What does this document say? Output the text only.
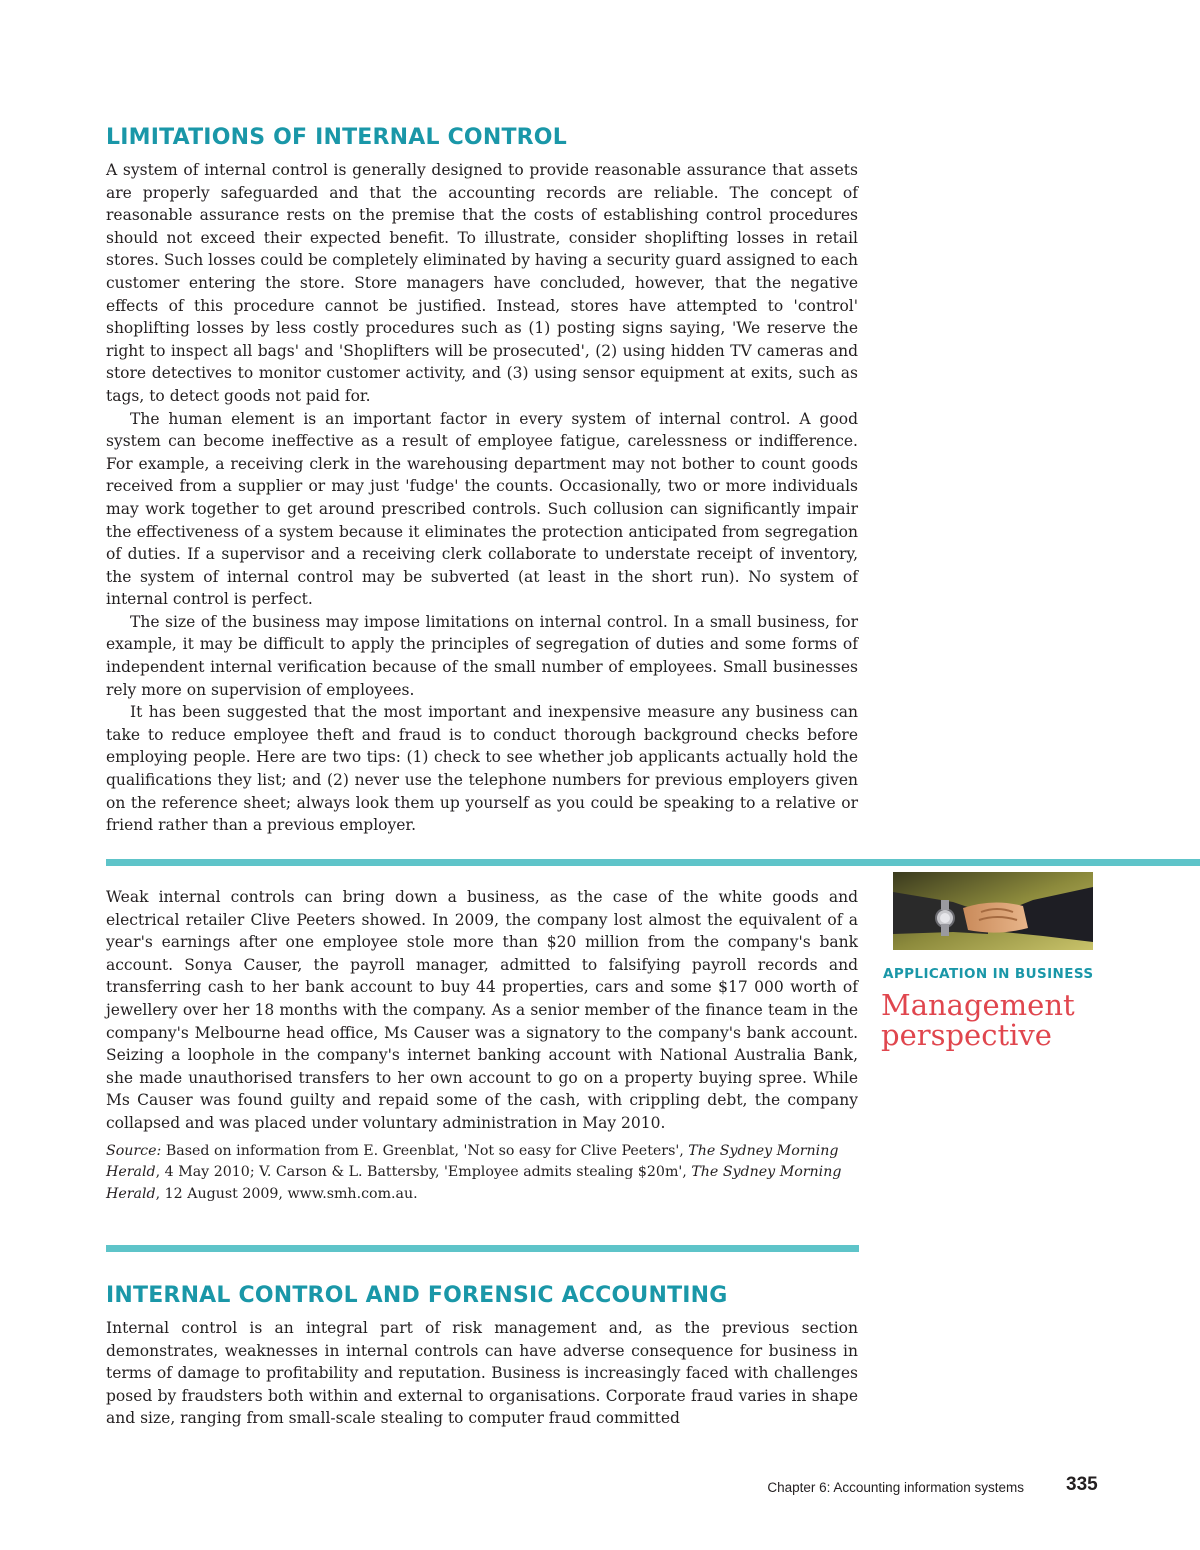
LIMITATIONS OF INTERNAL CONTROL

A system of internal control is generally designed to provide reasonable assurance that assets are properly safeguarded and that the accounting records are reliable. The concept of reasonable assurance rests on the premise that the costs of establishing control procedures should not exceed their expected benefit. To illustrate, consider shoplifting losses in retail stores. Such losses could be completely eliminated by having a security guard assigned to each customer entering the store. Store managers have concluded, however, that the negative effects of this procedure cannot be justified. Instead, stores have attempted to 'control' shoplifting losses by less costly procedures such as (1) posting signs saying, 'We reserve the right to inspect all bags' and 'Shoplifters will be prosecuted', (2) using hidden TV cameras and store detectives to monitor customer activity, and (3) using sensor equipment at exits, such as tags, to detect goods not paid for.

The human element is an important factor in every system of internal control. A good system can become ineffective as a result of employee fatigue, carelessness or indifference. For example, a receiving clerk in the warehousing department may not bother to count goods received from a supplier or may just 'fudge' the counts. Occasionally, two or more individuals may work together to get around prescribed controls. Such collusion can significantly impair the effectiveness of a system because it eliminates the protection anticipated from segregation of duties. If a supervisor and a receiving clerk collaborate to understate receipt of inventory, the system of internal control may be subverted (at least in the short run). No system of internal control is perfect.

The size of the business may impose limitations on internal control. In a small business, for example, it may be difficult to apply the principles of segregation of duties and some forms of independent internal verification because of the small number of employees. Small businesses rely more on supervision of employees.

It has been suggested that the most important and inexpensive measure any business can take to reduce employee theft and fraud is to conduct thorough background checks before employing people. Here are two tips: (1) check to see whether job applicants actually hold the qualifications they list; and (2) never use the telephone numbers for previous employers given on the reference sheet; always look them up yourself as you could be speaking to a relative or friend rather than a previous employer.

Weak internal controls can bring down a business, as the case of the white goods and electrical retailer Clive Peeters showed. In 2009, the company lost almost the equivalent of a year's earnings after one employee stole more than $20 million from the company's bank account. Sonya Causer, the payroll manager, admitted to falsifying payroll records and transferring cash to her bank account to buy 44 properties, cars and some $17 000 worth of jewellery over her 18 months with the company. As a senior member of the finance team in the company's Melbourne head office, Ms Causer was a signatory to the company's bank account. Seizing a loophole in the company's internet banking account with National Australia Bank, she made unauthorised transfers to her own account to go on a property buying spree. While Ms Causer was found guilty and repaid some of the cash, with crippling debt, the company collapsed and was placed under voluntary administration in May 2010.

Source: Based on information from E. Greenblat, 'Not so easy for Clive Peeters', The Sydney Morning Herald, 4 May 2010; V. Carson & L. Battersby, 'Employee admits stealing $20m', The Sydney Morning Herald, 12 August 2009, www.smh.com.au.

APPLICATION IN BUSINESS
Management
perspective
INTERNAL CONTROL AND FORENSIC ACCOUNTING

Internal control is an integral part of risk management and, as the previous section demonstrates, weaknesses in internal controls can have adverse consequence for business in terms of damage to profitability and reputation. Business is increasingly faced with challenges posed by fraudsters both within and external to organisations. Corporate fraud varies in shape and size, ranging from small-scale stealing to computer fraud committed

Chapter 6: Accounting information systems 335
